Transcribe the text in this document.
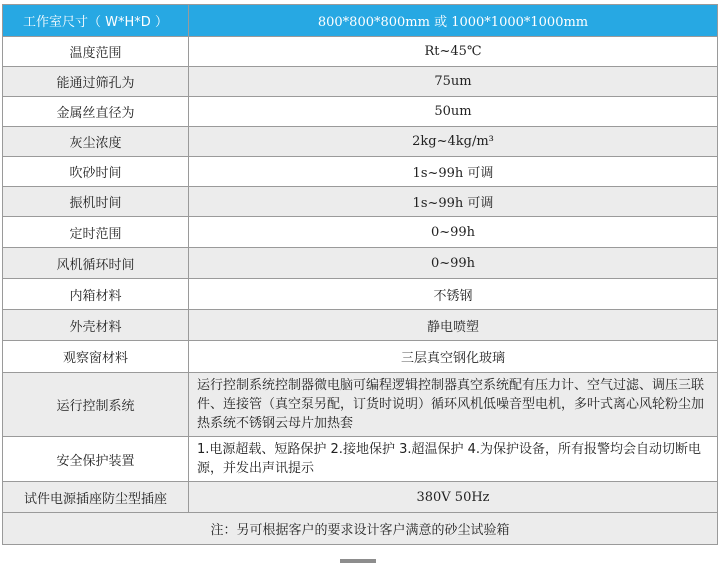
工作室尺寸（ W*H*D ）	800*800*800mm 或 1000*1000*1000mm
温度范围	Rt~45℃
能通过筛孔为	75um
金属丝直径为	50um
灰尘浓度	2kg~4kg/m³
吹砂时间	1s~99h 可调
振机时间	1s~99h 可调
定时范围	0~99h
风机循环时间	0~99h
内箱材料	不锈钢
外壳材料	静电喷塑
观察窗材料	三层真空钢化玻璃
运行控制系统	运行控制系统控制器微电脑可编程逻辑控制器真空系统配有压力计、空气过滤、调压三联件、连接管（真空泵另配，订货时说明）循环风机低噪音型电机，多叶式离心风轮粉尘加热系统不锈钢云母片加热套
安全保护装置	1.电源超载、短路保护 2.接地保护 3.超温保护 4.为保护设备，所有报警均会自动切断电源，并发出声讯提示
试件电源插座防尘型插座	380V 50Hz
注：另可根据客户的要求设计客户满意的砂尘试验箱	
